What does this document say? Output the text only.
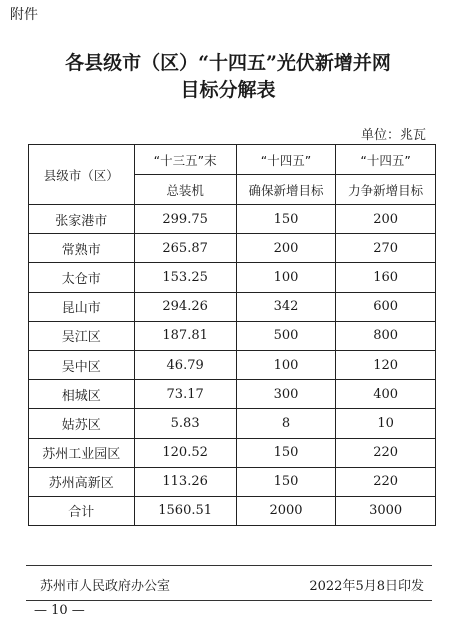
附件
各县级市（区）“十四五”光伏新增并网
目标分解表
单位：兆瓦
县级市（区）	“十三五”末	“十四五”	“十四五”
	总装机	确保新增目标	力争新增目标
张家港市	299.75	150	200
常熟市	265.87	200	270
太仓市	153.25	100	160
昆山市	294.26	342	600
吴江区	187.81	500	800
吴中区	46.79	100	120
相城区	73.17	300	400
姑苏区	5.83	8	10
苏州工业园区	120.52	150	220
苏州高新区	113.26	150	220
合计	1560.51	2000	3000
苏州市人民政府办公室	2022年5月8日印发
— 10 —
